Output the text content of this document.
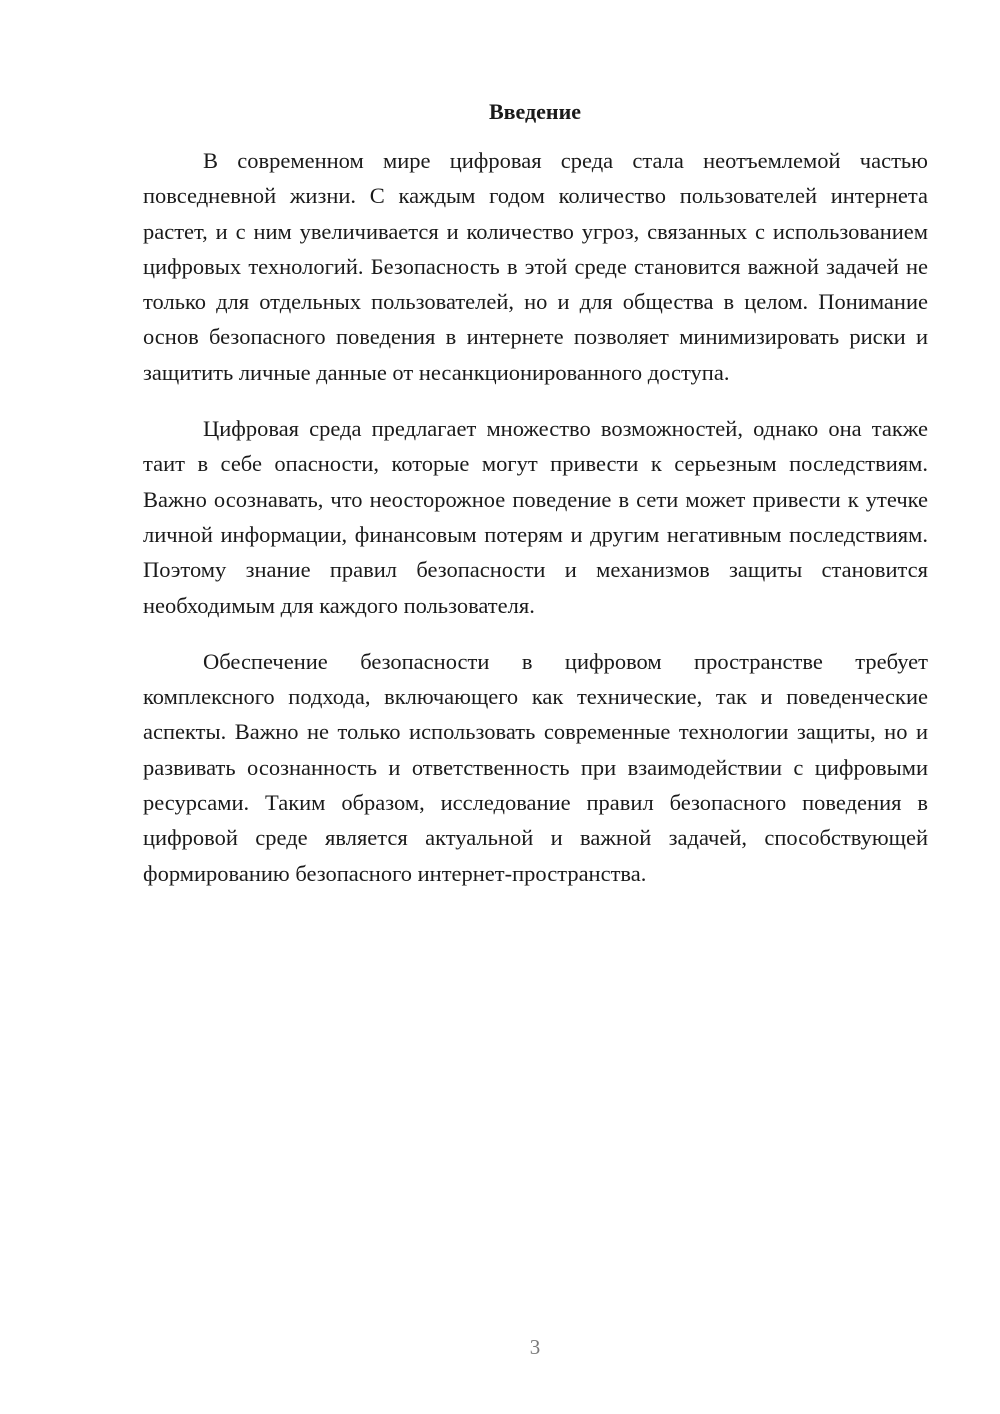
Введение

В современном мире цифровая среда стала неотъемлемой частью повседневной жизни. С каждым годом количество пользователей интернета растет, и с ним увеличивается и количество угроз, связанных с использованием цифровых технологий. Безопасность в этой среде становится важной задачей не только для отдельных пользователей, но и для общества в целом. Понимание основ безопасного поведения в интернете позволяет минимизировать риски и защитить личные данные от несанкционированного доступа.

Цифровая среда предлагает множество возможностей, однако она также таит в себе опасности, которые могут привести к серьезным последствиям. Важно осознавать, что неосторожное поведение в сети может привести к утечке личной информации, финансовым потерям и другим негативным последствиям. Поэтому знание правил безопасности и механизмов защиты становится необходимым для каждого пользователя.

Обеспечение безопасности в цифровом пространстве требует комплексного подхода, включающего как технические, так и поведенческие аспекты. Важно не только использовать современные технологии защиты, но и развивать осознанность и ответственность при взаимодействии с цифровыми ресурсами. Таким образом, исследование правил безопасного поведения в цифровой среде является актуальной и важной задачей, способствующей формированию безопасного интернет-пространства.

3
